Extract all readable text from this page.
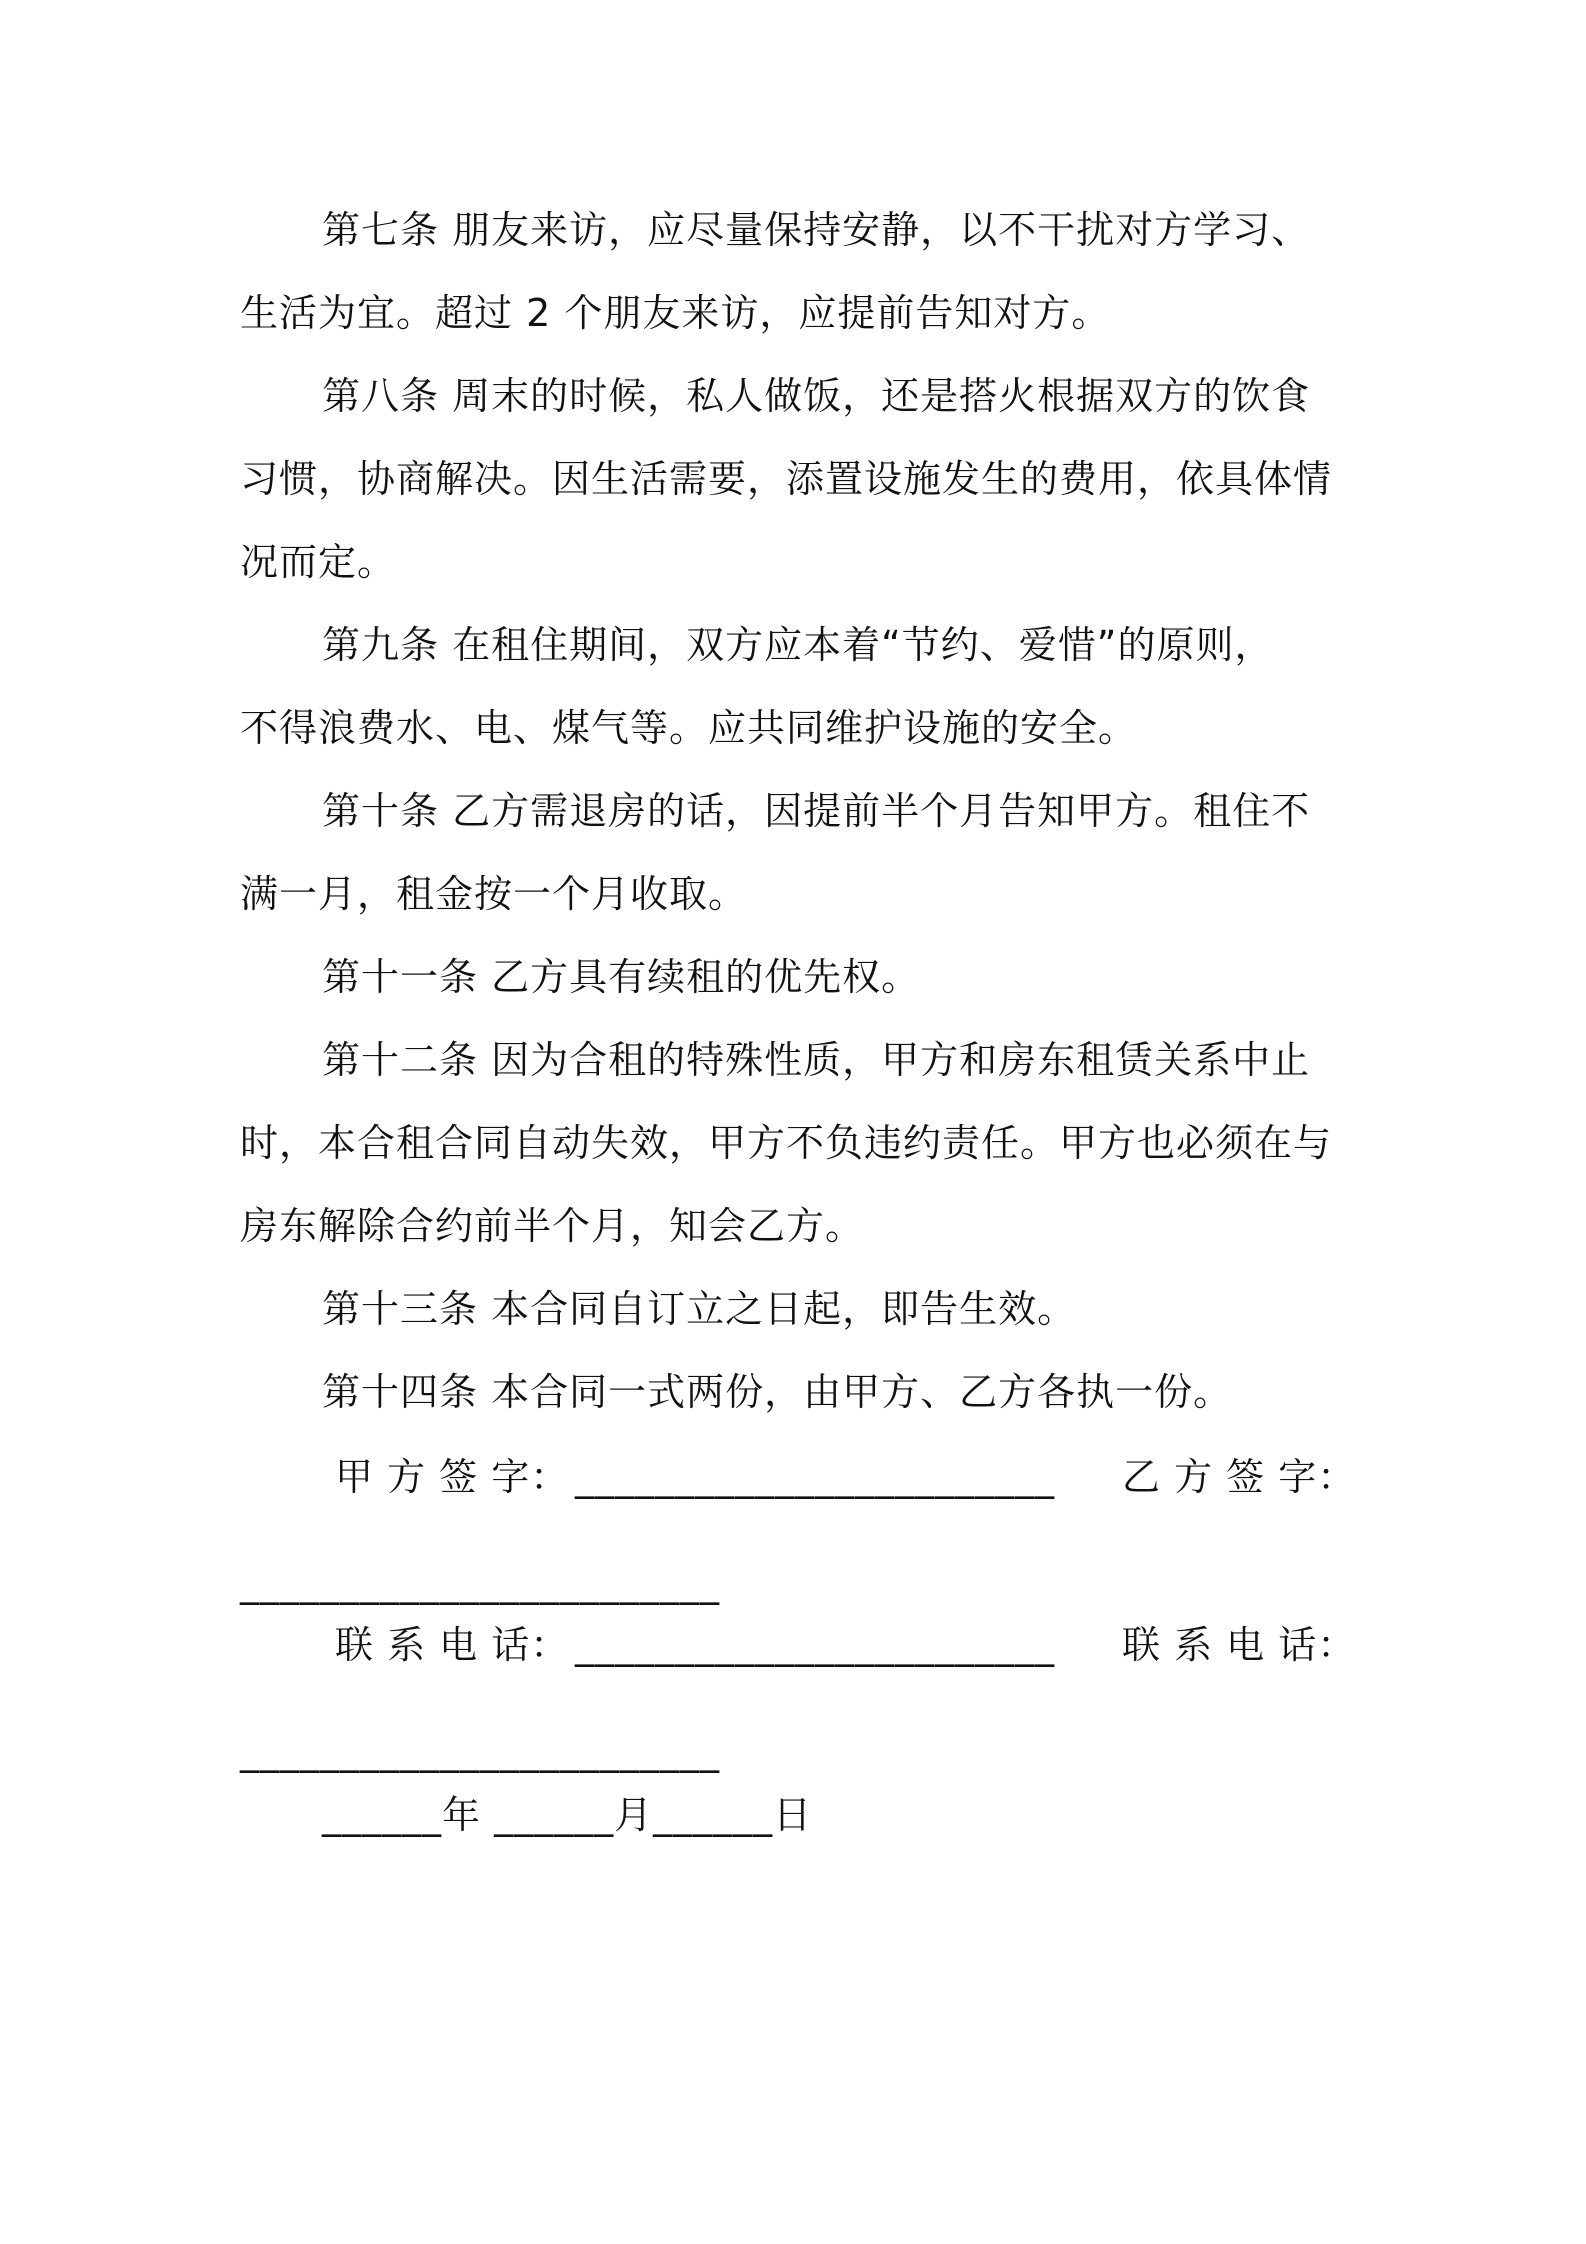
第七条 朋友来访，应尽量保持安静，以不干扰对方学习、
生活为宜。超过 2 个朋友来访，应提前告知对方。
第八条 周末的时候，私人做饭，还是搭火根据双方的饮食
习惯，协商解决。因生活需要，添置设施发生的费用，依具体情
况而定。
第九条 在租住期间，双方应本着“节约、爱惜”的原则，
不得浪费水、电、煤气等。应共同维护设施的安全。
第十条 乙方需退房的话，因提前半个月告知甲方。租住不
满一月，租金按一个月收取。
第十一条 乙方具有续租的优先权。
第十二条 因为合租的特殊性质，甲方和房东租赁关系中止
时，本合租合同自动失效，甲方不负违约责任。甲方也必须在与
房东解除合约前半个月，知会乙方。
第十三条 本合同自订立之日起，即告生效。
第十四条 本合同一式两份，由甲方、乙方各执一份。
甲 方 签 字： ________________________ 乙 方 签 字：
________________________
联 系 电 话： ________________________ 联 系 电 话：
________________________
______年 ______月______日
